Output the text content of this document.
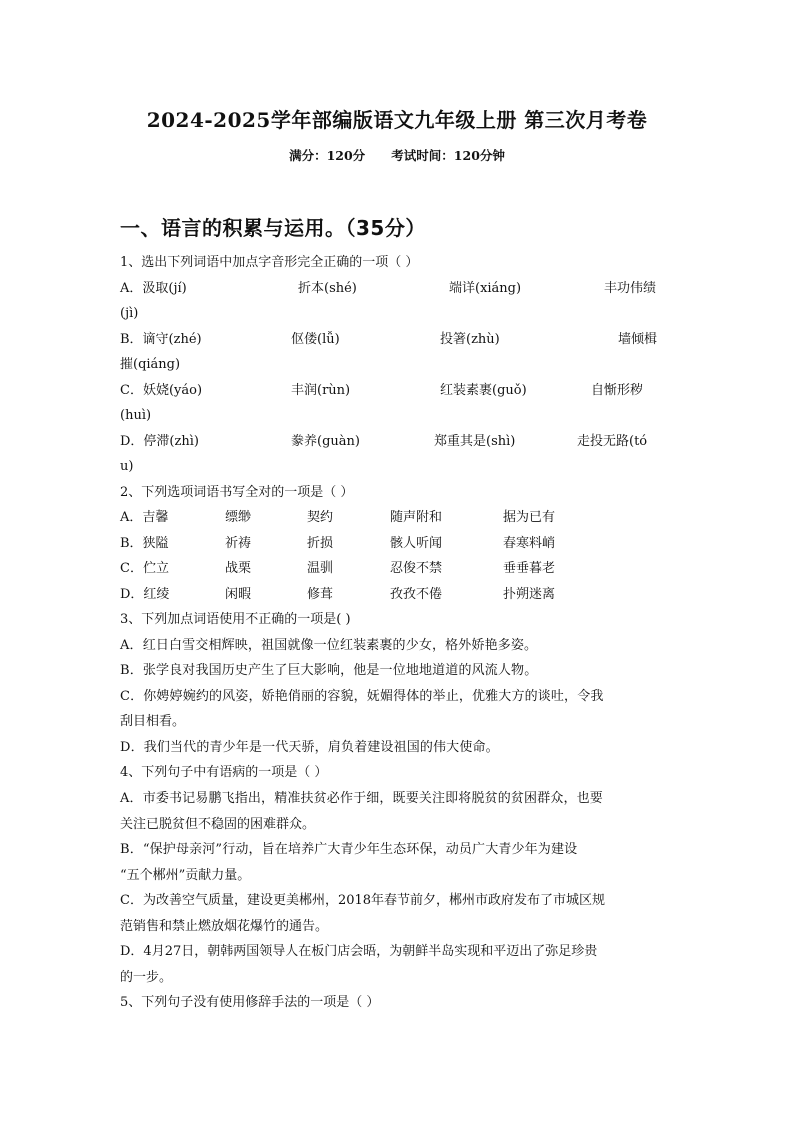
2024-2025学年部编版语文九年级上册 第三次月考卷
满分：120分      考试时间：120分钟
一、语言的积累与运用。（35分）
1、选出下列词语中加点字音形完全正确的一项（ ）
A．汲取(jí)	折本(shé)	端详(xiáng)	丰功伟绩
(jì)
B．谪守(zhé)	伛偻(lǚ)	投箸(zhù)	墙倾楫
摧(qiáng)
C．妖娆(yáo)	丰润(rùn)	红装素裹(guǒ)	自惭形秽
(huì)
D．停滞(zhì)	豢养(guàn)	郑重其是(shì)	走投无路(tó
u)
2、下列选项词语书写全对的一项是（ ）
A．吉馨	缥缈	契约	随声附和	据为已有
B．狭隘	祈祷	折损	骸人听闻	春寒料峭
C．伫立	战栗	温驯	忍俊不禁	垂垂暮老
D．红绫	闲暇	修葺	孜孜不倦	扑朔迷离
3、下列加点词语使用不正确的一项是( )
A．红日白雪交相辉映，祖国就像一位红装素裹的少女，格外娇艳多姿。
B．张学良对我国历史产生了巨大影响，他是一位地地道道的风流人物。
C．你娉婷婉约的风姿，娇艳俏丽的容貌，妩媚得体的举止，优雅大方的谈吐，令我
刮目相看。
D．我们当代的青少年是一代天骄，肩负着建设祖国的伟大使命。
4、下列句子中有语病的一项是（ ）
A．市委书记易鹏飞指出，精准扶贫必作于细，既要关注即将脱贫的贫困群众，也要
关注已脱贫但不稳固的困难群众。
B．“保护母亲河”行动，旨在培养广大青少年生态环保，动员广大青少年为建设
“五个郴州”贡献力量。
C．为改善空气质量，建设更美郴州，2018年春节前夕，郴州市政府发布了市城区规
范销售和禁止燃放烟花爆竹的通告。
D．4月27日，朝韩两国领导人在板门店会晤，为朝鲜半岛实现和平迈出了弥足珍贵
的一步。
5、下列句子没有使用修辞手法的一项是（ ）
